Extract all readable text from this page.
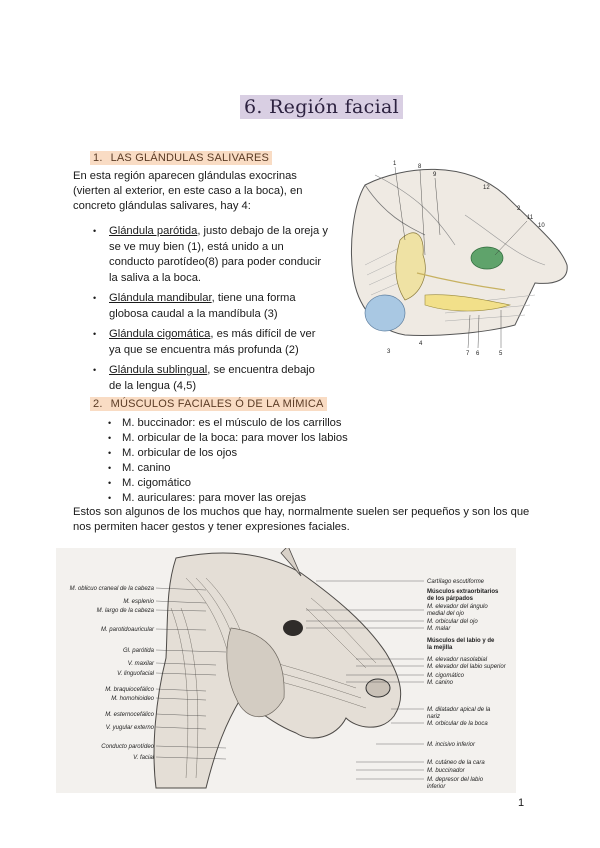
6. Región facial
1. LAS GLÁNDULAS SALIVARES
En esta región aparecen glándulas exocrinas
(vierten al exterior, en este caso a la boca), en
concreto glándulas salivares, hay 4:
• Glándula parótida, justo debajo de la oreja y
se ve muy bien (1), está unido a un
conducto parotídeo(8) para poder conducir
la saliva a la boca.
• Glándula mandibular, tiene una forma
globosa caudal a la mandíbula (3)
• Glándula cigomática, es más difícil de ver
ya que se encuentra más profunda (2)
• Glándula sublingual, se encuentra debajo
de la lengua (4,5)
1	8
9
12
2
11
10
3
4
7 6	5
2. MÚSCULOS FACIALES Ó DE LA MÍMICA
• M. buccinador: es el músculo de los carrillos
• M. orbicular de la boca: para mover los labios
• M. orbicular de los ojos
• M. canino
• M. cigomático
• M. auriculares: para mover las orejas
Estos son algunos de los muchos que hay, normalmente suelen ser pequeños y son los que
nos permiten hacer gestos y tener expresiones faciales.
M. oblicuo craneal de la cabeza
M. esplenio
M. largo de la cabeza
M. parotidoauricular
Gl. parótida
V. maxilar
V. linguofacial
M. braquiocefálico
M. homohioideo
M. esternocefálico
V. yugular externo
Conducto parotídeo
V. facial
Cartílago escutiforme
Músculos extraorbitarios
de los párpados
M. elevador del ángulo
medial del ojo
M. orbicular del ojo
M. malar
Músculos del labio y de
la mejilla
M. elevador nasolabial
M. elevador del labio superior
M. cigomático
M. canino
M. dilatador apical de la
nariz
M. orbicular de la boca
M. incisivo inferior
M. cutáneo de la cara
M. buccinador
M. depresor del labio
inferior
1
